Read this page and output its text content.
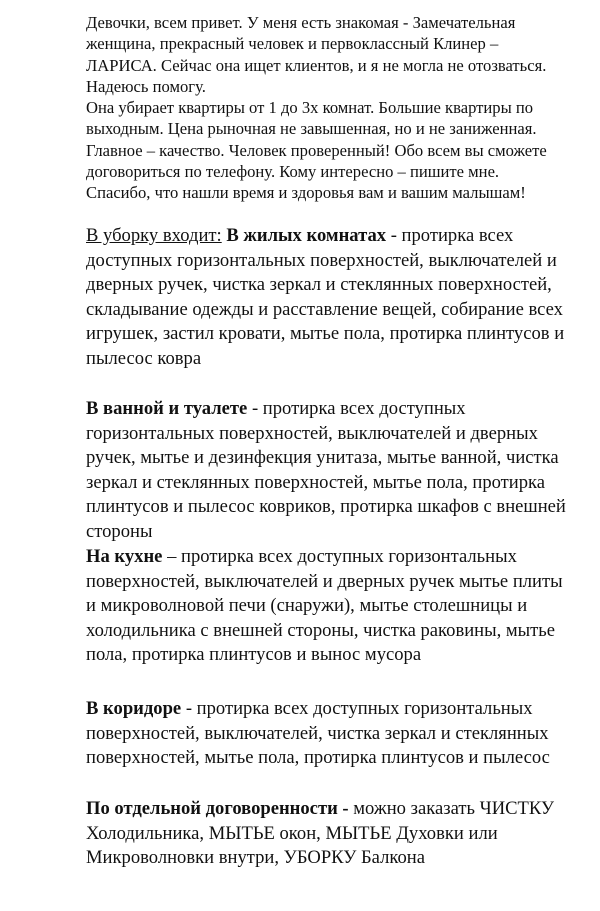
Девочки, всем привет. У меня есть знакомая - Замечательная женщина, прекрасный человек и первоклассный Клинер – ЛАРИСА. Сейчас она ищет клиентов, и я не могла не отозваться. Надеюсь помогу.

Она убирает квартиры от 1 до 3х комнат. Большие квартиры по выходным. Цена рыночная не завышенная, но и не заниженная. Главное – качество. Человек проверенный! Обо всем вы сможете договориться по телефону. Кому интересно – пишите мне. Спасибо, что нашли время и здоровья вам и вашим малышам!

В уборку входит: В жилых комнатах - протирка всех доступных горизонтальных поверхностей, выключателей и дверных ручек, чистка зеркал и стеклянных поверхностей, складывание одежды и расставление вещей, собирание всех игрушек, застил кровати, мытье пола, протирка плинтусов и пылесос ковра

В ванной и туалете - протирка всех доступных горизонтальных поверхностей, выключателей и дверных ручек, мытье и дезинфекция унитаза, мытье ванной, чистка зеркал и стеклянных поверхностей, мытье пола, протирка плинтусов и пылесос ковриков, протирка шкафов с внешней стороны

На кухне – протирка всех доступных горизонтальных поверхностей, выключателей и дверных ручек мытье плиты и микроволновой печи (снаружи), мытье столешницы и холодильника с внешней стороны, чистка раковины, мытье пола, протирка плинтусов и вынос мусора

В коридоре - протирка всех доступных горизонтальных поверхностей, выключателей, чистка зеркал и стеклянных поверхностей, мытье пола, протирка плинтусов и пылесос

По отдельной договоренности - можно заказать ЧИСТКУ Холодильника, МЫТЬЕ окон, МЫТЬЕ Духовки или Микроволновки внутри, УБОРКУ Балкона
